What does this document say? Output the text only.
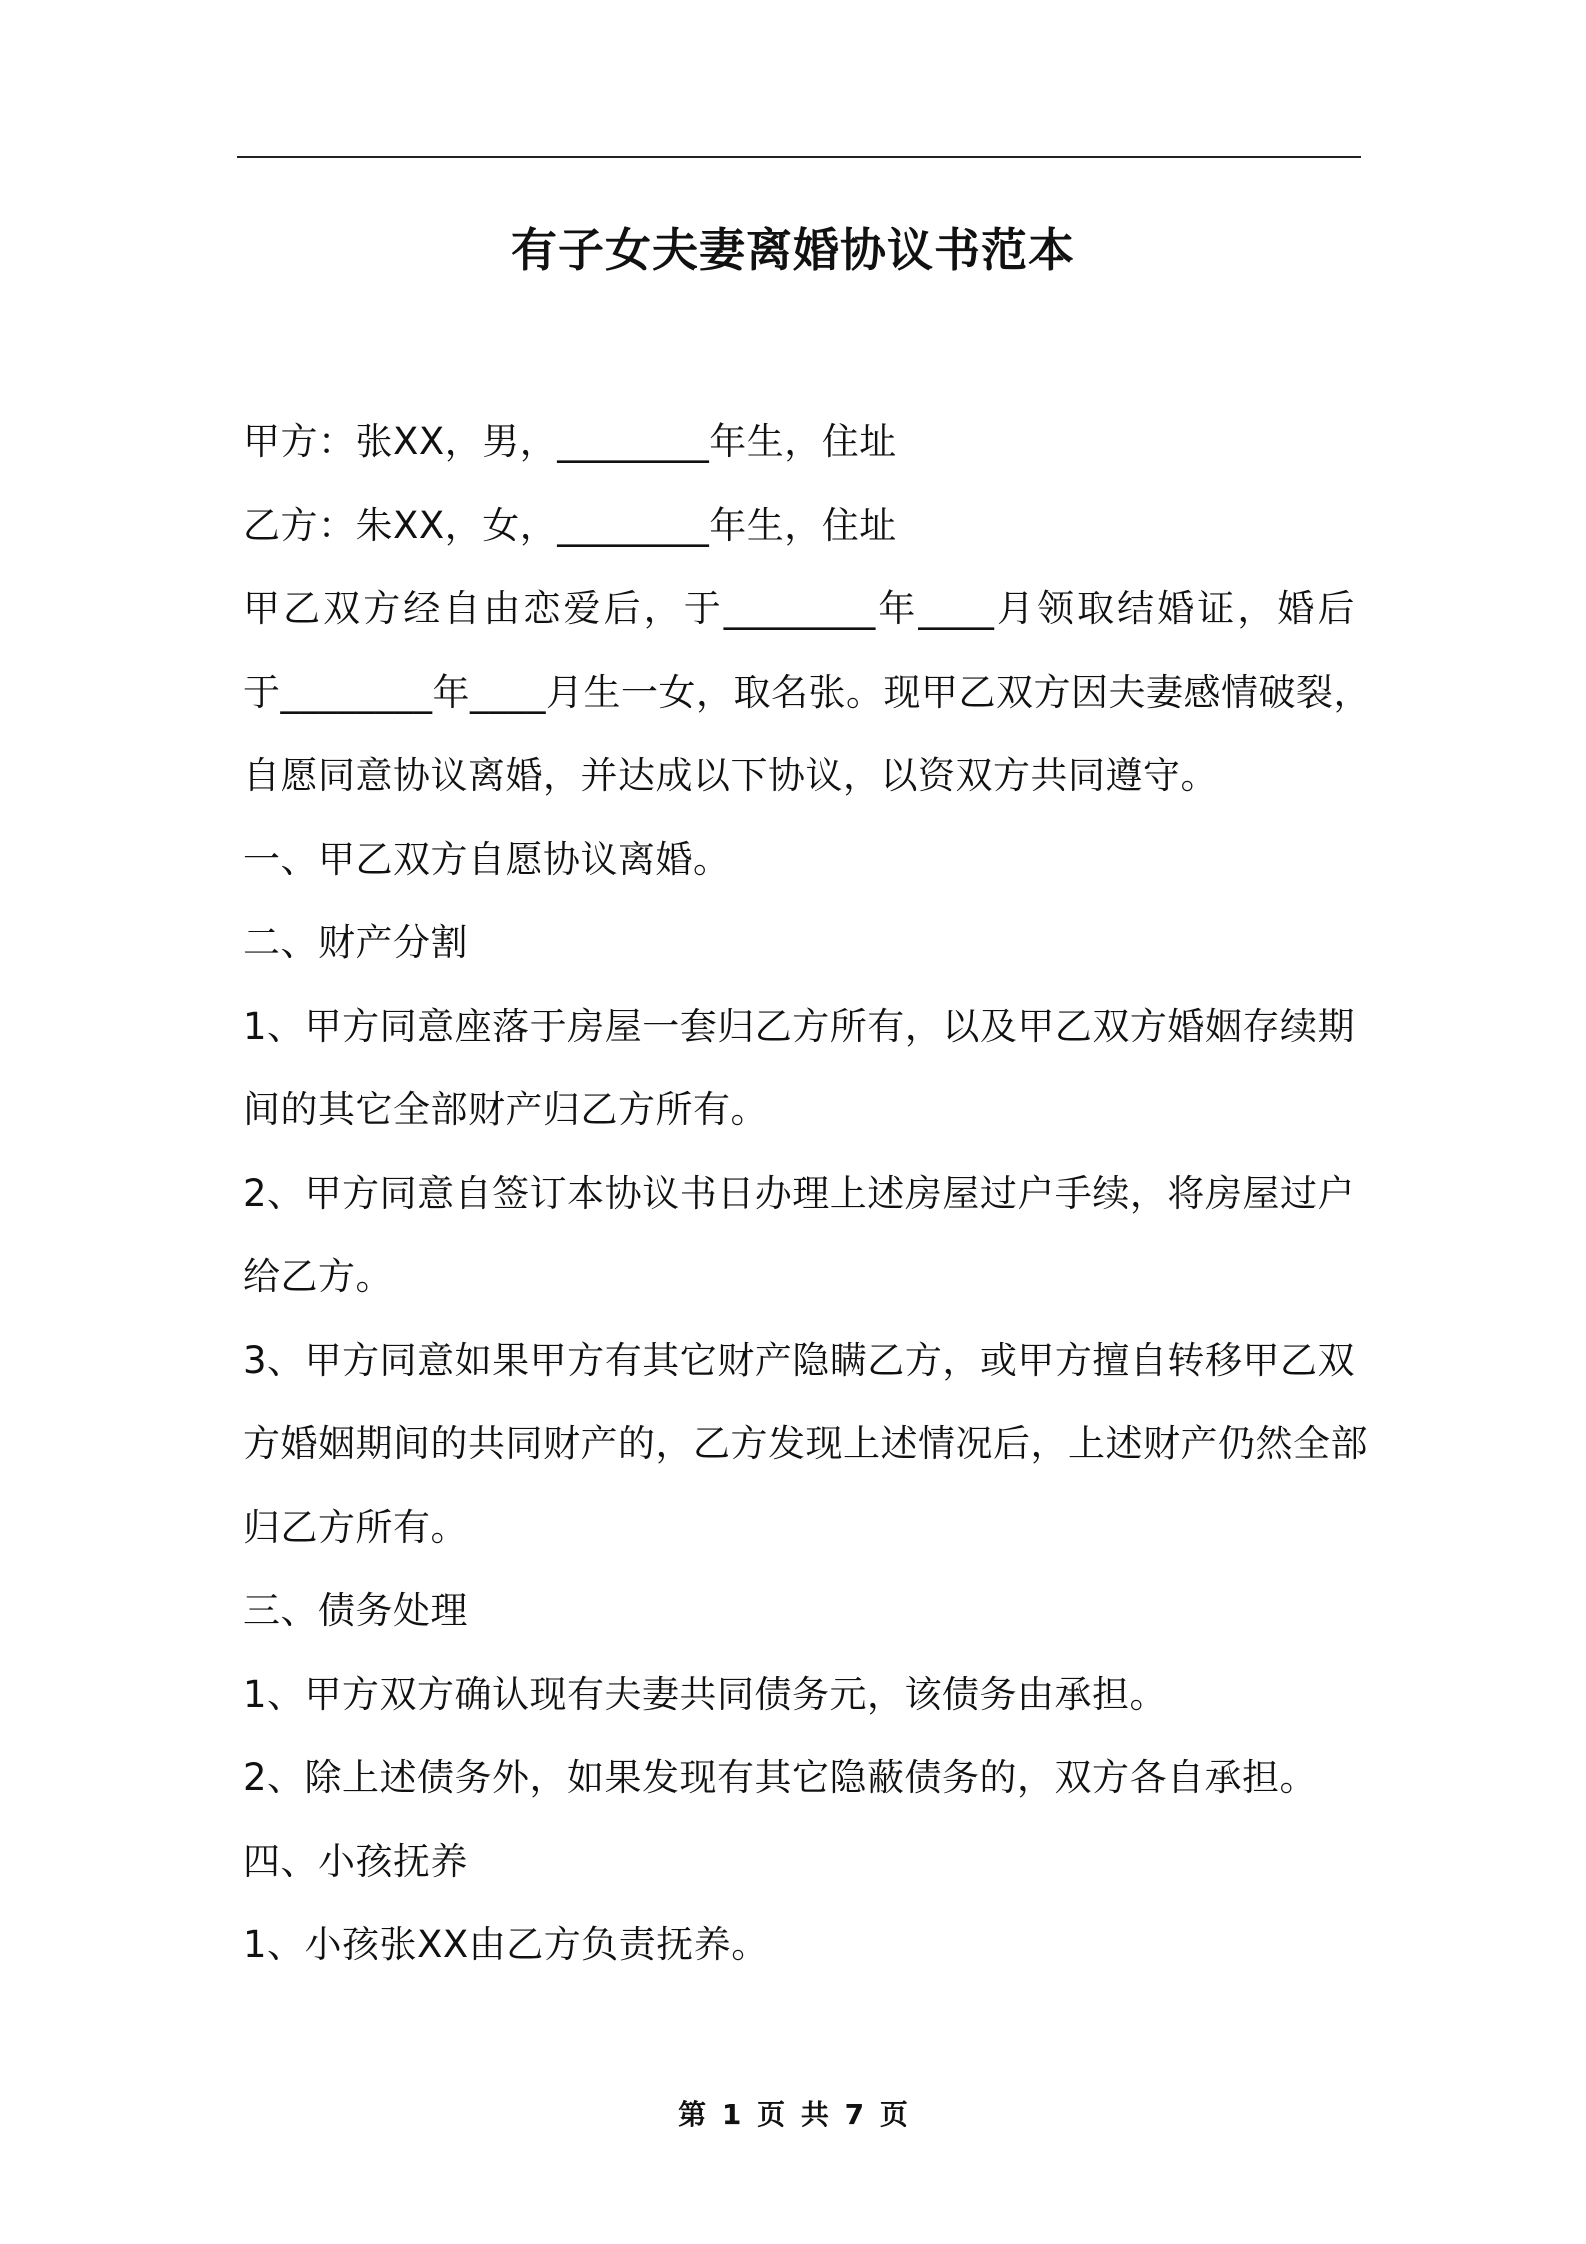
有子女夫妻离婚协议书范本

甲方：张XX，男，________年生，住址

乙方：朱XX，女，________年生，住址

甲乙双方经自由恋爱后，于________年____月领取结婚证，婚后

于________年____月生一女，取名张。现甲乙双方因夫妻感情破裂，

自愿同意协议离婚，并达成以下协议，以资双方共同遵守。

一、甲乙双方自愿协议离婚。

二、财产分割

1、甲方同意座落于房屋一套归乙方所有，以及甲乙双方婚姻存续期

间的其它全部财产归乙方所有。

2、甲方同意自签订本协议书日办理上述房屋过户手续，将房屋过户

给乙方。

3、甲方同意如果甲方有其它财产隐瞒乙方，或甲方擅自转移甲乙双

方婚姻期间的共同财产的，乙方发现上述情况后，上述财产仍然全部

归乙方所有。

三、债务处理

1、甲方双方确认现有夫妻共同债务元，该债务由承担。

2、除上述债务外，如果发现有其它隐蔽债务的，双方各自承担。

四、小孩抚养

1、小孩张XX由乙方负责抚养。

第 1 页 共 7 页
